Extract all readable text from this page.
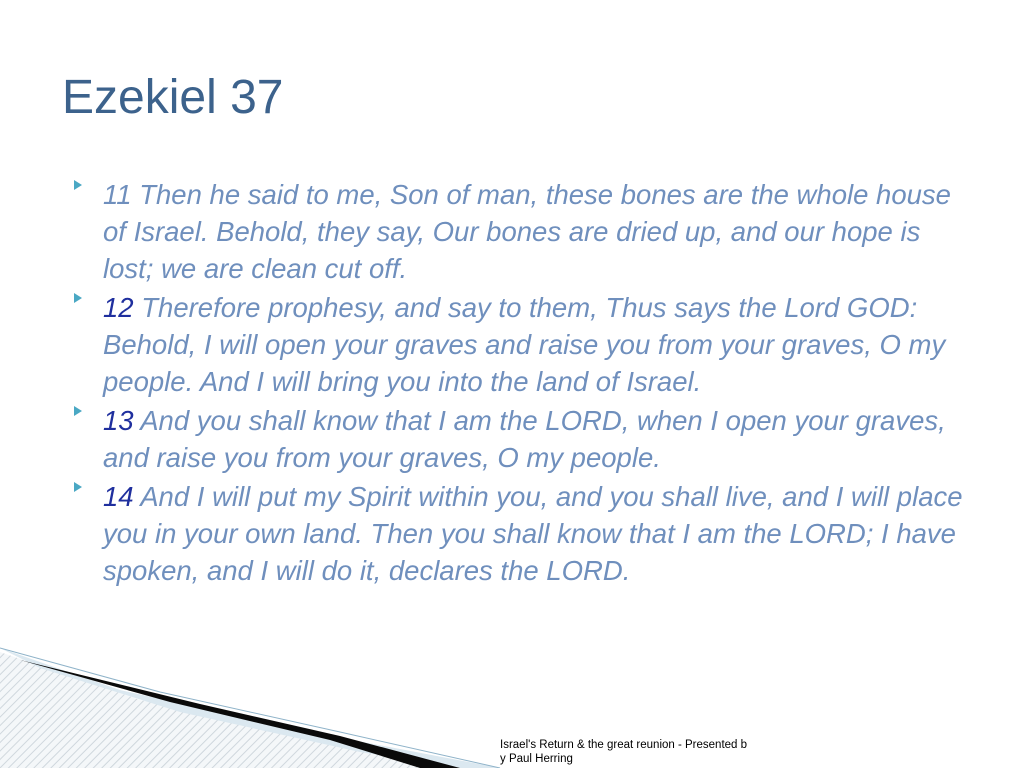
Ezekiel 37
11 Then he said to me, Son of man, these bones are the whole house of Israel. Behold, they say, Our bones are dried up, and our hope is lost; we are clean cut off.
12 Therefore prophesy, and say to them, Thus says the Lord GOD: Behold, I will open your graves and raise you from your graves, O my people. And I will bring you into the land of Israel.
13 And you shall know that I am the LORD, when I open your graves, and raise you from your graves, O my people.
14 And I will put my Spirit within you, and you shall live, and I will place you in your own land. Then you shall know that I am the LORD; I have spoken, and I will do it, declares the LORD.
Israel's Return & the great reunion - Presented by Paul Herring
